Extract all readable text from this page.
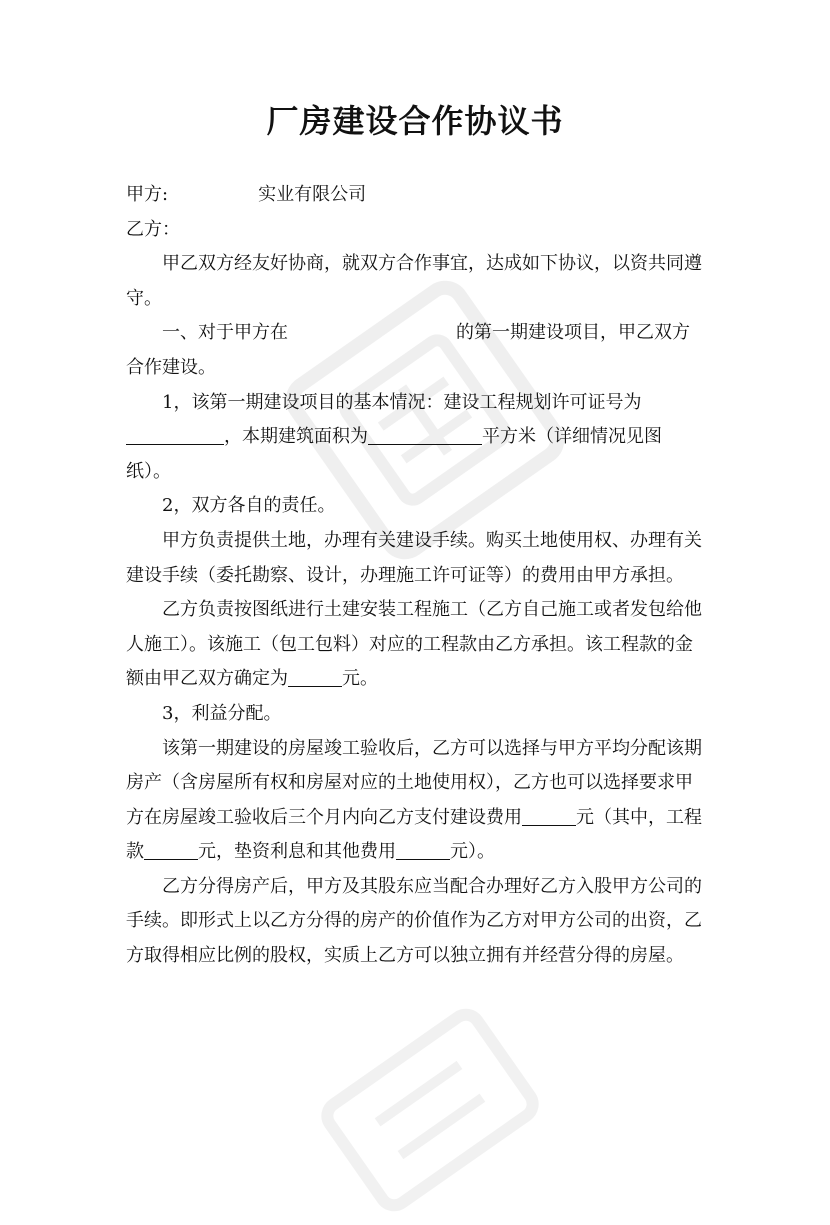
厂房建设合作协议书

甲方:	实业有限公司

乙方：

甲乙双方经友好协商，就双方合作事宜，达成如下协议，以资共同遵守。

一、对于甲方在	的第一期建设项目，甲乙双方合作建设。

1，该第一期建设项目的基本情况：建设工程规划许可证号为，本期建筑面积为	平方米（详细情况见图纸）。

2，双方各自的责任。

甲方负责提供土地，办理有关建设手续。购买土地使用权、办理有关建设手续（委托勘察、设计，办理施工许可证等）的费用由甲方承担。

乙方负责按图纸进行土建安装工程施工（乙方自己施工或者发包给他人施工）。该施工（包工包料）对应的工程款由乙方承担。该工程款的金额由甲乙双方确定为	元。

3，利益分配。

该第一期建设的房屋竣工验收后，乙方可以选择与甲方平均分配该期房产（含房屋所有权和房屋对应的土地使用权），乙方也可以选择要求甲方在房屋竣工验收后三个月内向乙方支付建设费用	元（其中，工程款	元，垫资利息和其他费用	元）。

乙方分得房产后，甲方及其股东应当配合办理好乙方入股甲方公司的手续。即形式上以乙方分得的房产的价值作为乙方对甲方公司的出资，乙方取得相应比例的股权，实质上乙方可以独立拥有并经营分得的房屋。
